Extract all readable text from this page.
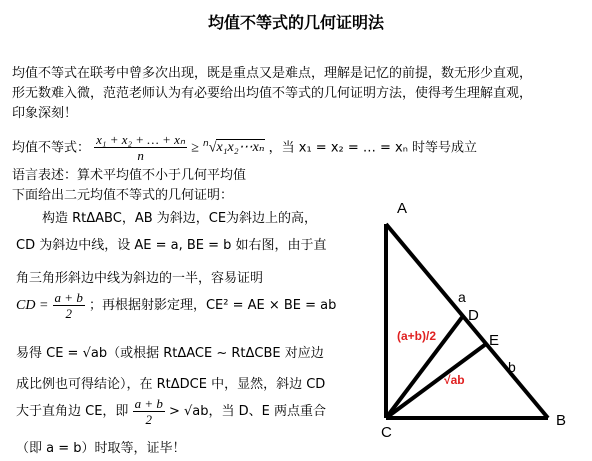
均值不等式的几何证明法
均值不等式在联考中曾多次出现，既是重点又是难点，理解是记忆的前提，数无形少直观，
形无数难入微，范范老师认为有必要给出均值不等式的几何证明方法，使得考生理解直观，
印象深刻！
均值不等式： $\frac{\text{x₁ + x₂ + … + xₙ}}{n}$ ≥ $^n$√x₁x₂⋯xₙ ，当 x₁ = x₂ = … = xₙ 时等号成立
语言表述：算术平均值不小于几何平均值
下面给出二元均值不等式的几何证明：
构造 RtΔABC，AB 为斜边，CE为斜边上的高，
CD 为斜边中线，设 AE = a, BE = b 如右图，由于直
角三角形斜边中线为斜边的一半，容易证明
CD = $\frac{a + b}{2}$ ；再根据射影定理，CE² = AE × BE = ab
易得 CE = √ab（或根据 RtΔACE ~ RtΔCBE 对应边
成比例也可得结论），在 RtΔDCE 中，显然，斜边 CD
大于直角边 CE，即 $\frac{a + b}{2} > √ab$，当 D、E 两点重合
（即 a = b）时取等，证毕！
A
B
C
D
E
a
b
(a+b)/2
√ab
